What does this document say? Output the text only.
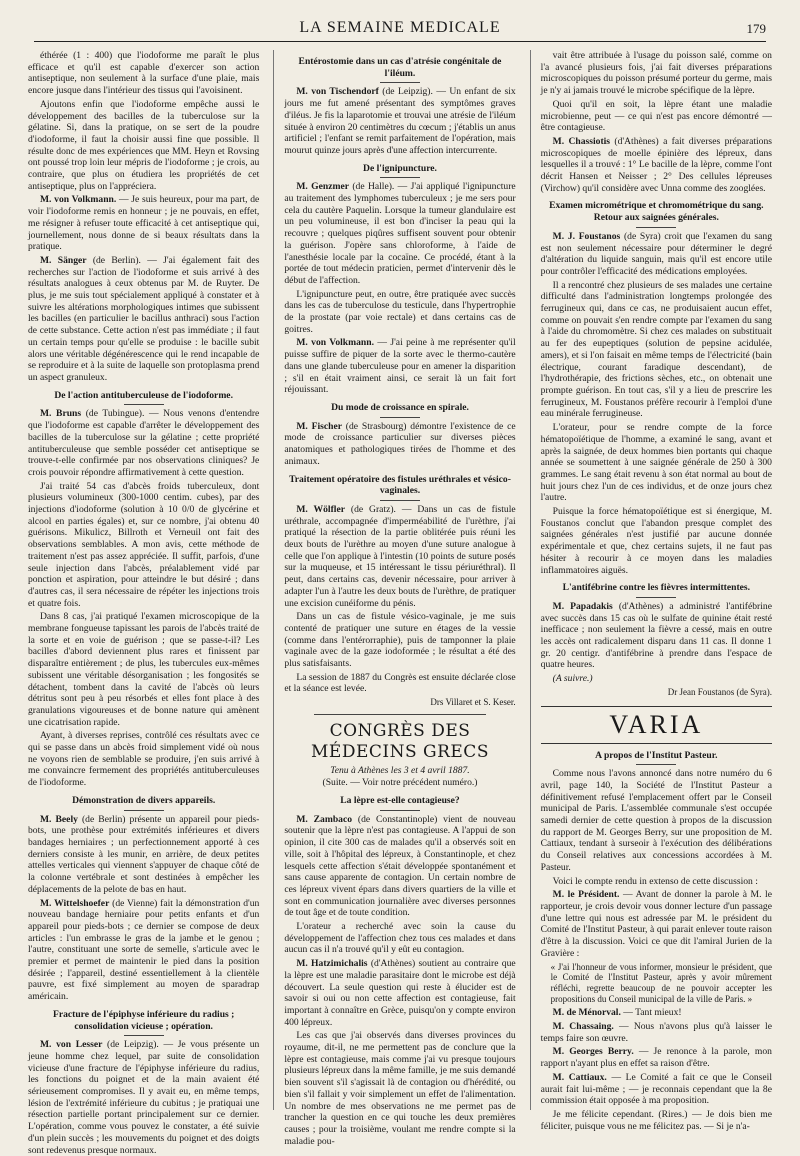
LA SEMAINE MEDICALE	179

éthérée (1 : 400) que l'iodoforme me paraît le plus efficace et qu'il est capable d'exercer son action antiseptique, non seulement à la surface d'une plaie, mais encore jusque dans l'intérieur des tissus qui l'avoisinent.

Ajoutons enfin que l'iodoforme empêche aussi le développement des bacilles de la tuberculose sur la gélatine. Si, dans la pratique, on se sert de la poudre d'iodoforme, il faut la choisir aussi fine que possible. Il résulte donc de mes expériences que MM. Heyn et Rovsing ont poussé trop loin leur mépris de l'iodoforme ; je crois, au contraire, que plus on étudiera les propriétés de cet antiseptique, plus on l'appréciera.

M. von Volkmann. — Je suis heureux, pour ma part, de voir l'iodoforme remis en honneur ; je ne pouvais, en effet, me résigner à refuser toute efficacité à cet antiseptique qui, journellement, nous donne de si beaux résultats dans la pratique.

M. Sänger (de Berlin). — J'ai également fait des recherches sur l'action de l'iodoforme et suis arrivé à des résultats analogues à ceux obtenus par M. de Ruyter. De plus, je me suis tout spécialement appliqué à constater et à suivre les altérations morphologiques intimes que subissent les bacilles (en particulier le bacillus anthraci) sous l'action de cette substance. Cette action n'est pas immédiate ; il faut un certain temps pour qu'elle se produise : le bacille subit alors une véritable dégénérescence qui le rend incapable de se reproduire et à la suite de laquelle son protoplasma prend un aspect granuleux.

De l'action antituberculeuse de l'iodoforme.

M. Bruns (de Tubingue). — Nous venons d'entendre que l'iodoforme est capable d'arrêter le développement des bacilles de la tuberculose sur la gélatine ; cette propriété antituberculeuse que semble posséder cet antiseptique se trouve-t-elle confirmée par nos observations cliniques? Je crois pouvoir répondre affirmativement à cette question.

J'ai traité 54 cas d'abcès froids tuberculeux, dont plusieurs volumineux (300-1000 centim. cubes), par des injections d'iodoforme (solution à 10 0/0 de glycérine et alcool en parties égales) et, sur ce nombre, j'ai obtenu 40 guérisons. Mikulicz, Billroth et Verneuil ont fait des observations semblables. A mon avis, cette méthode de traitement n'est pas assez appréciée. Il suffit, parfois, d'une seule injection dans l'abcès, préalablement vidé par ponction et aspiration, pour atteindre le but désiré ; dans d'autres cas, il sera nécessaire de répéter les injections trois et quatre fois.

Dans 8 cas, j'ai pratiqué l'examen microscopique de la membrane fongueuse tapissant les parois de l'abcès traité de la sorte et en voie de guérison ; que se passe-t-il? Les bacilles d'abord deviennent plus rares et finissent par disparaître entièrement ; de plus, les tubercules eux-mêmes subissent une véritable désorganisation ; les fongosités se détachent, tombent dans la cavité de l'abcès où leurs détritus sont peu à peu résorbés et elles font place à des granulations vigoureuses et de bonne nature qui amènent une cicatrisation rapide.

Ayant, à diverses reprises, contrôlé ces résultats avec ce qui se passe dans un abcès froid simplement vidé où nous ne voyons rien de semblable se produire, j'en suis arrivé à me convaincre fermement des propriétés antituberculeuses de l'iodoforme.

Démonstration de divers appareils.

M. Beely (de Berlin) présente un appareil pour pieds-bots, une prothèse pour extrémités inférieures et divers bandages herniaires ; un perfectionnement apporté à ces derniers consiste à les munir, en arrière, de deux petites attelles verticales qui viennent s'appuyer de chaque côté de la colonne vertébrale et sont destinées à empêcher les déplacements de la pelote de bas en haut.

M. Wittelshoefer (de Vienne) fait la démonstration d'un nouveau bandage herniaire pour petits enfants et d'un appareil pour pieds-bots ; ce dernier se compose de deux articles : l'un embrasse le gras de la jambe et le genou ; l'autre, constituant une sorte de semelle, s'articule avec le premier et permet de maintenir le pied dans la position désirée ; l'appareil, destiné essentiellement à la clientèle pauvre, est fixé simplement au moyen de sparadrap américain.

Fracture de l'épiphyse inférieure du radius ; consolidation vicieuse ; opération.

M. von Lesser (de Leipzig). — Je vous présente un jeune homme chez lequel, par suite de consolidation vicieuse d'une fracture de l'épiphyse inférieure du radius, les fonctions du poignet et de la main avaient été sérieusement compromises. Il y avait eu, en même temps, lésion de l'extrémité inférieure du cubitus ; je pratiquai une résection partielle portant principalement sur ce dernier. L'opération, comme vous pouvez le constater, a été suivie d'un plein succès ; les mouvements du poignet et des doigts sont redevenus presque normaux.

Entérostomie dans un cas d'atrésie congénitale de l'iléum.

M. von Tischendorf (de Leipzig). — Un enfant de six jours me fut amené présentant des symptômes graves d'iléus. Je fis la laparotomie et trouvai une atrésie de l'iléum située à environ 20 centimètres du cœcum ; j'établis un anus artificiel ; l'enfant se remit parfaitement de l'opération, mais mourut quinze jours après d'une affection intercurrente.

De l'ignipuncture.

M. Genzmer (de Halle). — J'ai appliqué l'ignipuncture au traitement des lymphomes tuberculeux ; je me sers pour cela du cautère Paquelin. Lorsque la tumeur glandulaire est un peu volumineuse, il est bon d'inciser la peau qui la recouvre ; quelques piqûres suffisent souvent pour obtenir la guérison. J'opère sans chloroforme, à l'aide de l'anesthésie locale par la cocaïne. Ce procédé, étant à la portée de tout médecin praticien, permet d'intervenir dès le début de l'affection.

L'ignipuncture peut, en outre, être pratiquée avec succès dans les cas de tuberculose du testicule, dans l'hypertrophie de la prostate (par voie rectale) et dans certains cas de goitres.

M. von Volkmann. — J'ai peine à me représenter qu'il puisse suffire de piquer de la sorte avec le thermo-cautère dans une glande tuberculeuse pour en amener la disparition ; s'il en était vraiment ainsi, ce serait là un fait fort réjouissant.

Du mode de croissance en spirale.

M. Fischer (de Strasbourg) démontre l'existence de ce mode de croissance particulier sur diverses pièces anatomiques et pathologiques tirées de l'homme et des animaux.

Traitement opératoire des fistules uréthrales et vésico-vaginales.

M. Wölfler (de Gratz). — Dans un cas de fistule uréthrale, accompagnée d'imperméabilité de l'urèthre, j'ai pratiqué la résection de la partie oblitérée puis réuni les deux bouts de l'urèthre au moyen d'une suture analogue à celle que l'on applique à l'intestin (10 points de suture posés sur la muqueuse, et 15 intéressant le tissu périuréthral). Il peut, dans certains cas, devenir nécessaire, pour arriver à adapter l'un à l'autre les deux bouts de l'urèthre, de pratiquer une excision cunéiforme du pénis.

Dans un cas de fistule vésico-vaginale, je me suis contenté de pratiquer une suture en étages de la vessie (comme dans l'entérorraphie), puis de tamponner la plaie vaginale avec de la gaze iodoformée ; le résultat a été des plus satisfaisants.

La session de 1887 du Congrès est ensuite déclarée close et la séance est levée.

Drs Villaret et S. Keser.

CONGRÈS DES MÉDECINS GRECS

Tenu à Athènes les 3 et 4 avril 1887.

(Suite. — Voir notre précédent numéro.)

La lèpre est-elle contagieuse?

M. Zambaco (de Constantinople) vient de nouveau soutenir que la lèpre n'est pas contagieuse. A l'appui de son opinion, il cite 300 cas de malades qu'il a observés soit en ville, soit à l'hôpital des lépreux, à Constantinople, et chez lesquels cette affection s'était développée spontanément et sans cause apparente de contagion. Un certain nombre de ces lépreux vivent épars dans divers quartiers de la ville et sont en communication journalière avec diverses personnes de tout âge et de toute condition.

L'orateur a recherché avec soin la cause du développement de l'affection chez tous ces malades et dans aucun cas il n'a trouvé qu'il y eût eu contagion.

M. Hatzimichalis (d'Athènes) soutient au contraire que la lèpre est une maladie parasitaire dont le microbe est déjà découvert. La seule question qui reste à élucider est de savoir si oui ou non cette affection est contagieuse, fait important à connaître en Grèce, puisqu'on y compte environ 400 lépreux.

Les cas que j'ai observés dans diverses provinces du royaume, dit-il, ne me permettent pas de conclure que la lèpre est contagieuse, mais comme j'ai vu presque toujours plusieurs lépreux dans la même famille, je me suis demandé bien souvent s'il s'agissait là de contagion ou d'hérédité, ou bien s'il fallait y voir simplement un effet de l'alimentation. Un nombre de mes observations ne me permet pas de trancher la question en ce qui touche les deux premières causes ; pour la troisième, voulant me rendre compte si la maladie pou-

vait être attribuée à l'usage du poisson salé, comme on l'a avancé plusieurs fois, j'ai fait diverses préparations microscopiques du poisson présumé porteur du germe, mais je n'y ai jamais trouvé le microbe spécifique de la lèpre.

Quoi qu'il en soit, la lèpre étant une maladie microbienne, peut — ce qui n'est pas encore démontré — être contagieuse.

M. Chassiotis (d'Athènes) a fait diverses préparations microscopiques de moelle épinière des lépreux, dans lesquelles il a trouvé : 1° Le bacille de la lèpre, comme l'ont décrit Hansen et Neisser ; 2° Des cellules lépreuses (Virchow) qu'il considère avec Unna comme des zooglées.

Examen micrométrique et chromométrique du sang. Retour aux saignées générales.

M. J. Foustanos (de Syra) croit que l'examen du sang est non seulement nécessaire pour déterminer le degré d'altération du liquide sanguin, mais qu'il est encore utile pour contrôler l'efficacité des médications employées.

Il a rencontré chez plusieurs de ses malades une certaine difficulté dans l'administration longtemps prolongée des ferrugineux qui, dans ce cas, ne produisaient aucun effet, comme on pouvait s'en rendre compte par l'examen du sang à l'aide du chromomètre. Si chez ces malades on substituait au fer des eupeptiques (solution de pepsine acidulée, amers), et si l'on faisait en même temps de l'électricité (bain électrique, courant faradique descendant), de l'hydrothérapie, des frictions sèches, etc., on obtenait une prompte guérison. En tout cas, s'il y a lieu de prescrire les ferrugineux, M. Foustanos préfère recourir à l'emploi d'une eau minérale ferrugineuse.

L'orateur, pour se rendre compte de la force hématopoïétique de l'homme, a examiné le sang, avant et après la saignée, de deux hommes bien portants qui chaque année se soumettent à une saignée générale de 250 à 300 grammes. Le sang était revenu à son état normal au bout de huit jours chez l'un de ces individus, et de onze jours chez l'autre.

Puisque la force hématopoïétique est si énergique, M. Foustanos conclut que l'abandon presque complet des saignées générales n'est justifié par aucune donnée expérimentale et que, chez certains sujets, il ne faut pas hésiter à recourir à ce moyen dans les maladies inflammatoires aiguës.

L'antifébrine contre les fièvres intermittentes.

M. Papadakis (d'Athènes) a administré l'antifébrine avec succès dans 15 cas où le sulfate de quinine était resté inefficace ; non seulement la fièvre a cessé, mais en outre les accès ont radicalement disparu dans 11 cas. Il donne 1 gr. 20 centigr. d'antifébrine à prendre dans l'espace de quatre heures.

(A suivre.)

Dr Jean Foustanos (de Syra).

VARIA

A propos de l'Institut Pasteur.

Comme nous l'avons annoncé dans notre numéro du 6 avril, page 140, la Société de l'Institut Pasteur a définitivement refusé l'emplacement offert par le Conseil municipal de Paris. L'assemblée communale s'est occupée samedi dernier de cette question à propos de la discussion du rapport de M. Georges Berry, sur une proposition de M. Cattiaux, tendant à surseoir à l'exécution des délibérations du Conseil relatives aux concessions accordées à M. Pasteur.

Voici le compte rendu in extenso de cette discussion :

M. le Président. — Avant de donner la parole à M. le rapporteur, je crois devoir vous donner lecture d'un passage d'une lettre qui nous est adressée par M. le président du Comité de l'Institut Pasteur, à qui parait enlever toute raison d'être à la discussion. Voici ce que dit l'amiral Jurien de la Gravière :

« J'ai l'honneur de vous informer, monsieur le président, que le Comité de l'Institut Pasteur, après y avoir mûrement réfléchi, regrette beaucoup de ne pouvoir accepter les propositions du Conseil municipal de la ville de Paris. »

M. de Ménorval. — Tant mieux!

M. Chassaing. — Nous n'avons plus qu'à laisser le temps faire son œuvre.

M. Georges Berry. — Je renonce à la parole, mon rapport n'ayant plus en effet sa raison d'être.

M. Cattiaux. — Le Comité a fait ce que le Conseil aurait fait lui-même ; — je reconnais cependant que la 8e commission était opposée à ma proposition.

Je me félicite cependant. (Rires.) — Je dois bien me féliciter, puisque vous ne me félicitez pas. — Si je n'a-
